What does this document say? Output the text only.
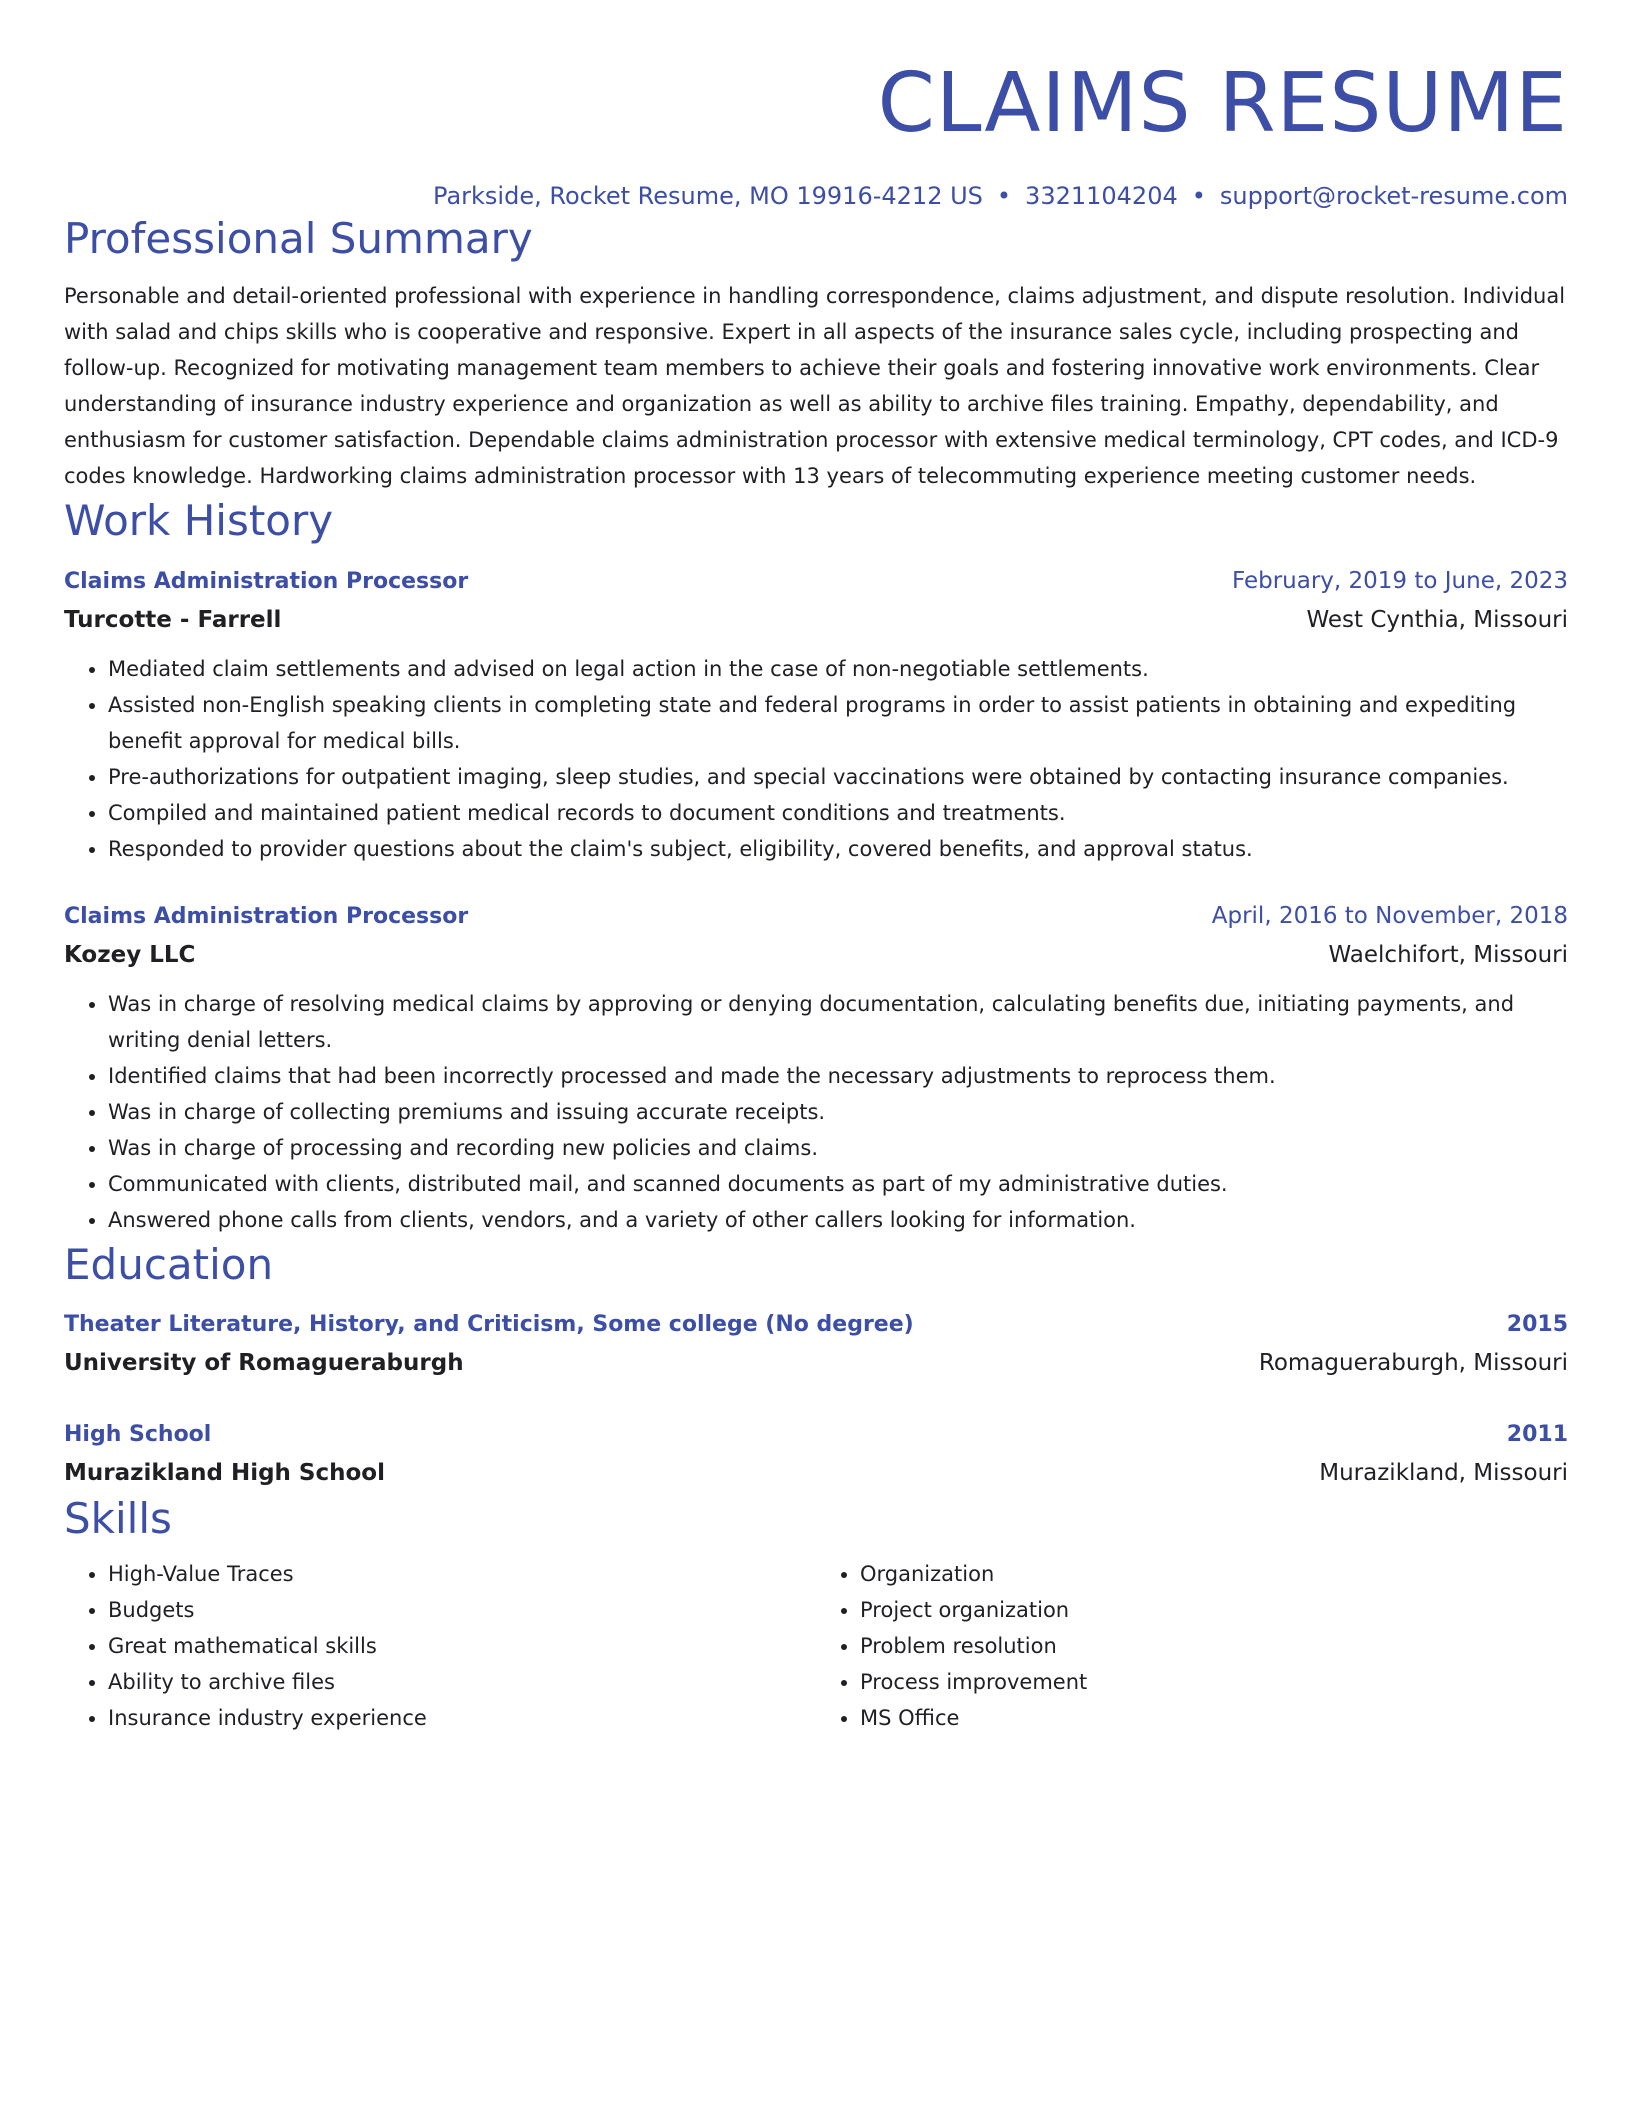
CLAIMS RESUME
Parkside, Rocket Resume, MO 19916-4212 US • 3321104204 • support@rocket-resume.com
Professional Summary
Personable and detail-oriented professional with experience in handling correspondence, claims adjustment, and dispute resolution. Individual with salad and chips skills who is cooperative and responsive. Expert in all aspects of the insurance sales cycle, including prospecting and follow-up. Recognized for motivating management team members to achieve their goals and fostering innovative work environments. Clear understanding of insurance industry experience and organization as well as ability to archive files training. Empathy, dependability, and enthusiasm for customer satisfaction. Dependable claims administration processor with extensive medical terminology, CPT codes, and ICD-9 codes knowledge. Hardworking claims administration processor with 13 years of telecommuting experience meeting customer needs.
Work History
Claims Administration Processor	February, 2019 to June, 2023
Turcotte - Farrell	West Cynthia, Missouri
• Mediated claim settlements and advised on legal action in the case of non-negotiable settlements.
• Assisted non-English speaking clients in completing state and federal programs in order to assist patients in obtaining and expediting benefit approval for medical bills.
• Pre-authorizations for outpatient imaging, sleep studies, and special vaccinations were obtained by contacting insurance companies.
• Compiled and maintained patient medical records to document conditions and treatments.
• Responded to provider questions about the claim's subject, eligibility, covered benefits, and approval status.
Claims Administration Processor	April, 2016 to November, 2018
Kozey LLC	Waelchifort, Missouri
• Was in charge of resolving medical claims by approving or denying documentation, calculating benefits due, initiating payments, and writing denial letters.
• Identified claims that had been incorrectly processed and made the necessary adjustments to reprocess them.
• Was in charge of collecting premiums and issuing accurate receipts.
• Was in charge of processing and recording new policies and claims.
• Communicated with clients, distributed mail, and scanned documents as part of my administrative duties.
• Answered phone calls from clients, vendors, and a variety of other callers looking for information.
Education
Theater Literature, History, and Criticism, Some college (No degree)	2015
University of Romagueraburgh	Romagueraburgh, Missouri
High School	2011
Murazikland High School	Murazikland, Missouri
Skills
• High-Value Traces
• Budgets
• Great mathematical skills
• Ability to archive files
• Insurance industry experience
• Organization
• Project organization
• Problem resolution
• Process improvement
• MS Office
